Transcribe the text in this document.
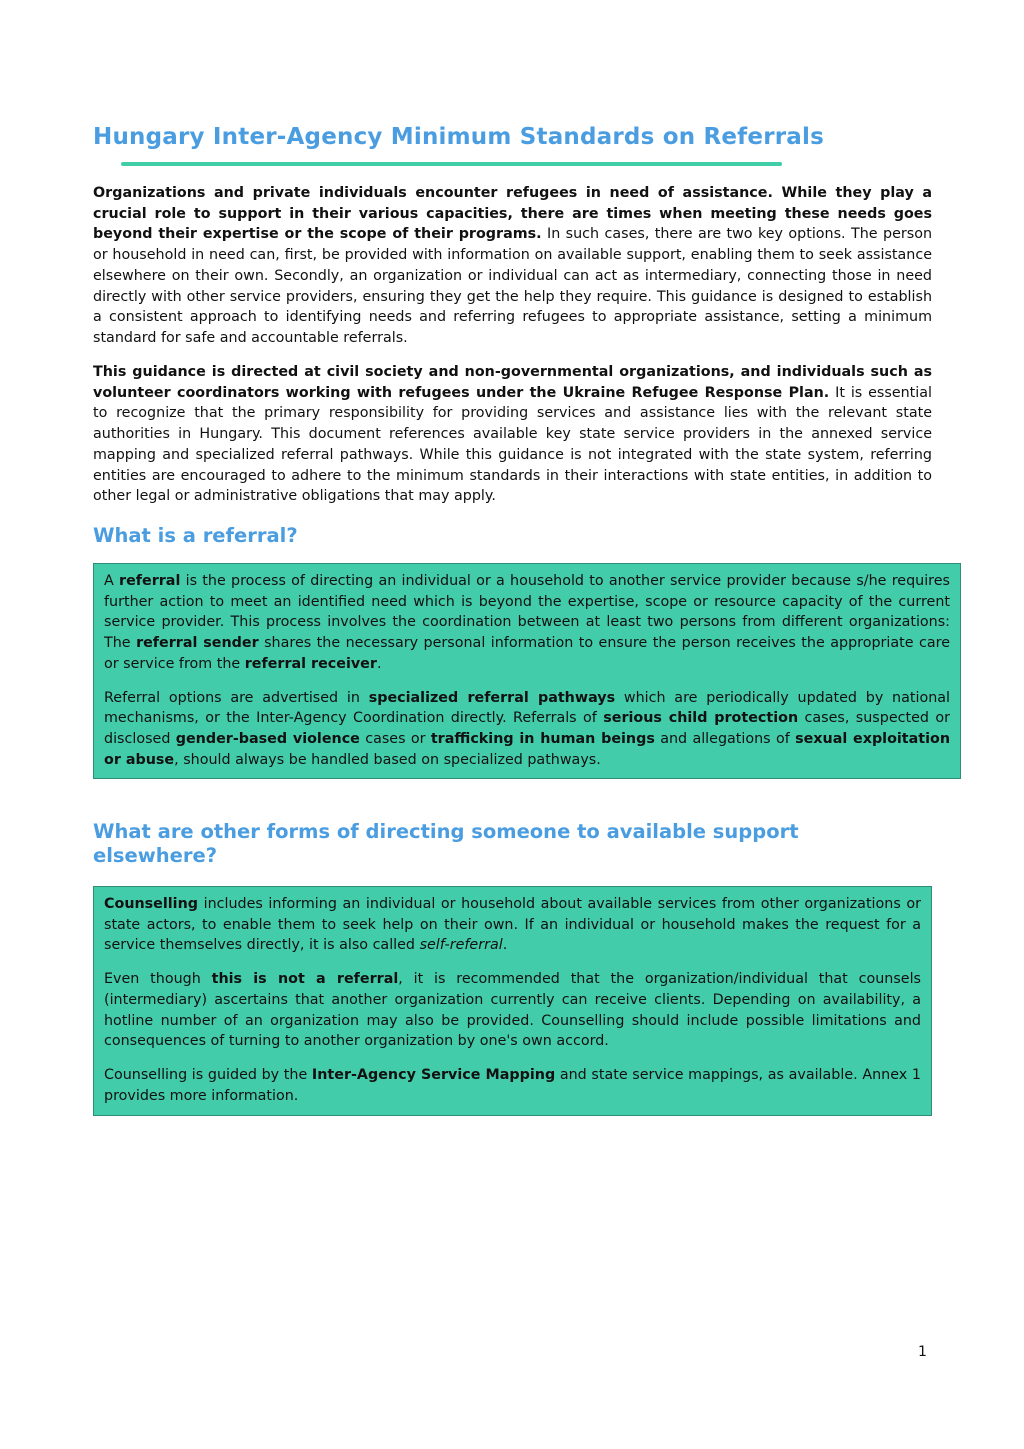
Hungary Inter-Agency Minimum Standards on Referrals

Organizations and private individuals encounter refugees in need of assistance. While they play a crucial role to support in their various capacities, there are times when meeting these needs goes beyond their expertise or the scope of their programs. In such cases, there are two key options. The person or household in need can, first, be provided with information on available support, enabling them to seek assistance elsewhere on their own. Secondly, an organization or individual can act as intermediary, connecting those in need directly with other service providers, ensuring they get the help they require. This guidance is designed to establish a consistent approach to identifying needs and referring refugees to appropriate assistance, setting a minimum standard for safe and accountable referrals.

This guidance is directed at civil society and non-governmental organizations, and individuals such as volunteer coordinators working with refugees under the Ukraine Refugee Response Plan. It is essential to recognize that the primary responsibility for providing services and assistance lies with the relevant state authorities in Hungary. This document references available key state service providers in the annexed service mapping and specialized referral pathways. While this guidance is not integrated with the state system, referring entities are encouraged to adhere to the minimum standards in their interactions with state entities, in addition to other legal or administrative obligations that may apply.

What is a referral?

A referral is the process of directing an individual or a household to another service provider because s/he requires further action to meet an identified need which is beyond the expertise, scope or resource capacity of the current service provider. This process involves the coordination between at least two persons from different organizations: The referral sender shares the necessary personal information to ensure the person receives the appropriate care or service from the referral receiver.

Referral options are advertised in specialized referral pathways which are periodically updated by national mechanisms, or the Inter-Agency Coordination directly. Referrals of serious child protection cases, suspected or disclosed gender-based violence cases or trafficking in human beings and allegations of sexual exploitation or abuse, should always be handled based on specialized pathways.

What are other forms of directing someone to available support elsewhere?

Counselling includes informing an individual or household about available services from other organizations or state actors, to enable them to seek help on their own. If an individual or household makes the request for a service themselves directly, it is also called self-referral.

Even though this is not a referral, it is recommended that the organization/individual that counsels (intermediary) ascertains that another organization currently can receive clients. Depending on availability, a hotline number of an organization may also be provided. Counselling should include possible limitations and consequences of turning to another organization by one's own accord.

Counselling is guided by the Inter-Agency Service Mapping and state service mappings, as available. Annex 1 provides more information.

1
